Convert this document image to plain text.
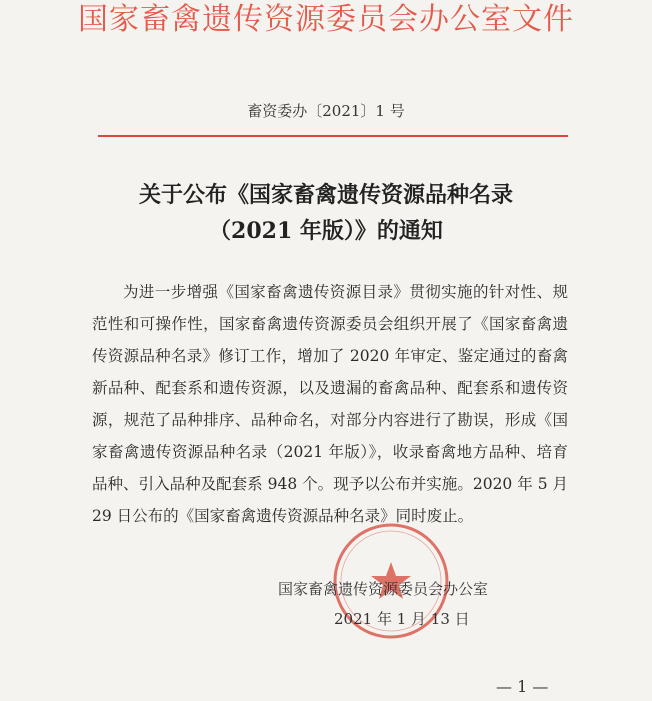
国家畜禽遗传资源委员会办公室文件
畜资委办〔2021〕1 号
关于公布《国家畜禽遗传资源品种名录
（2021 年版）》的通知
为进一步增强《国家畜禽遗传资源目录》贯彻实施的针对性、规范性和可操作性，国家畜禽遗传资源委员会组织开展了《国家畜禽遗传资源品种名录》修订工作，增加了 2020 年审定、鉴定通过的畜禽新品种、配套系和遗传资源，以及遗漏的畜禽品种、配套系和遗传资源，规范了品种排序、品种命名，对部分内容进行了勘误，形成《国家畜禽遗传资源品种名录（2021 年版）》，收录畜禽地方品种、培育品种、引入品种及配套系 948 个。现予以公布并实施。2020 年 5 月 29 日公布的《国家畜禽遗传资源品种名录》同时废止。
国家畜禽遗传资源委员会办公室
2021 年 1 月 13 日
— 1 —
